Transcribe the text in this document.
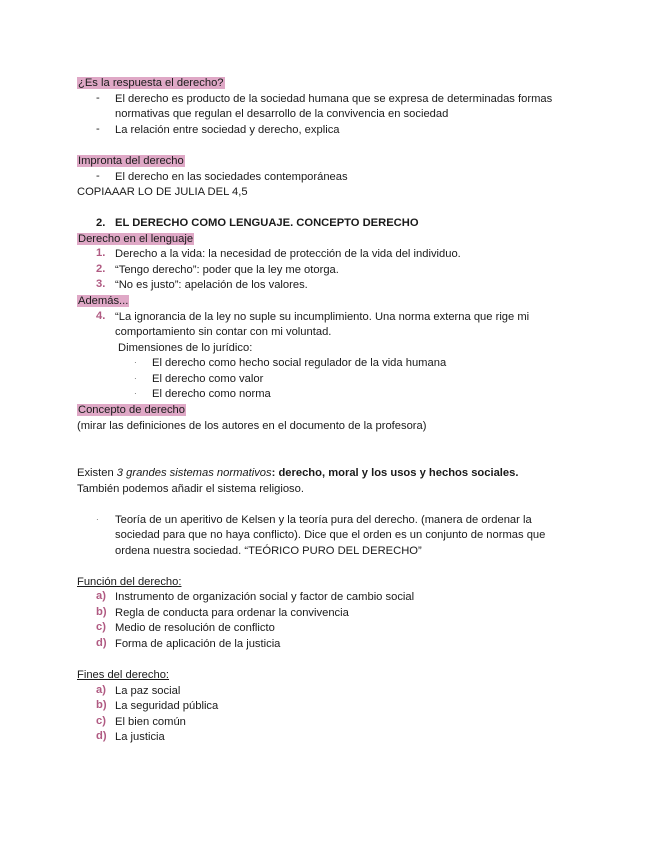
¿Es la respuesta el derecho?
- El derecho es producto de la sociedad humana que se expresa de determinadas formas
normativas que regulan el desarrollo de la convivencia en sociedad
- La relación entre sociedad y derecho, explica
Impronta del derecho
- El derecho en las sociedades contemporáneas
COPIAAAR LO DE JULIA DEL 4,5
2. EL DERECHO COMO LENGUAJE. CONCEPTO DERECHO
Derecho en el lenguaje
1. Derecho a la vida: la necesidad de protección de la vida del individuo.
2. “Tengo derecho”: poder que la ley me otorga.
3. “No es justo”: apelación de los valores.
Además...
4. “La ignorancia de la ley no suple su incumplimiento. Una norma externa que rige mi
comportamiento sin contar con mi voluntad.
Dimensiones de lo jurídico:
· El derecho como hecho social regulador de la vida humana
· El derecho como valor
· El derecho como norma
Concepto de derecho
(mirar las definiciones de los autores en el documento de la profesora)
Existen 3 grandes sistemas normativos: derecho, moral y los usos y hechos sociales.
También podemos añadir el sistema religioso.
· Teoría de un aperitivo de Kelsen y la teoría pura del derecho. (manera de ordenar la
sociedad para que no haya conflicto). Dice que el orden es un conjunto de normas que
ordena nuestra sociedad. “TEÓRICO PURO DEL DERECHO”
Función del derecho:
a) Instrumento de organización social y factor de cambio social
b) Regla de conducta para ordenar la convivencia
c) Medio de resolución de conflicto
d) Forma de aplicación de la justicia
Fines del derecho:
a) La paz social
b) La seguridad pública
c) El bien común
d) La justicia
